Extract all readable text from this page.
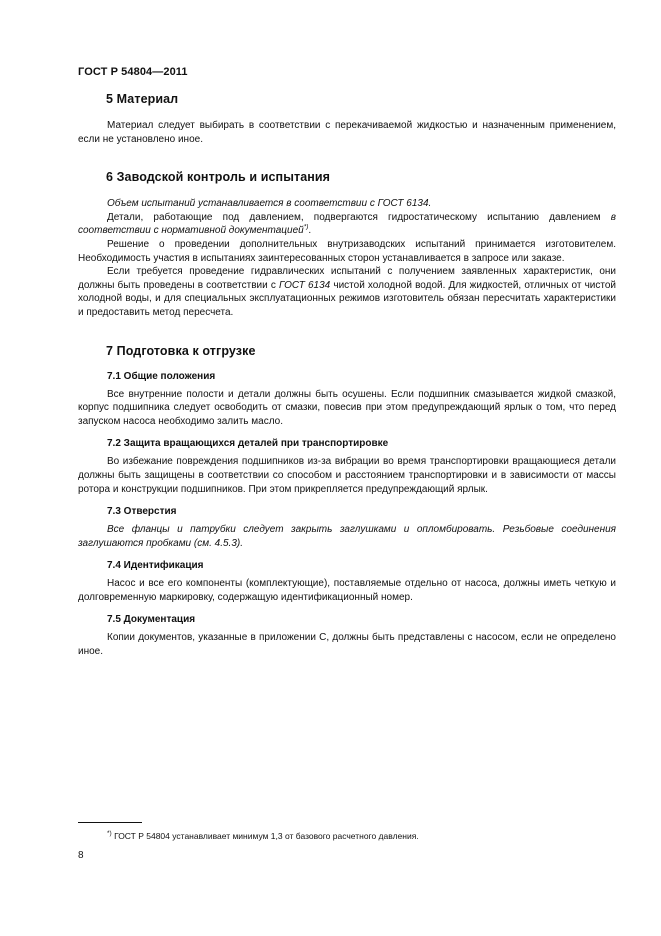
ГОСТ Р 54804—2011
5 Материал

Материал следует выбирать в соответствии с перекачиваемой жидкостью и назначенным применением, если не установлено иное.

6 Заводской контроль и испытания

Объем испытаний устанавливается в соответствии с ГОСТ 6134.

Детали, работающие под давлением, подвергаются гидростатическому испытанию давлением в соответствии с нормативной документацией*).

Решение о проведении дополнительных внутризаводских испытаний принимается изготовителем. Необходимость участия в испытаниях заинтересованных сторон устанавливается в запросе или заказе.

Если требуется проведение гидравлических испытаний с получением заявленных характеристик, они должны быть проведены в соответствии с ГОСТ 6134 чистой холодной водой. Для жидкостей, отличных от чистой холодной воды, и для специальных эксплуатационных режимов изготовитель обязан пересчитать характеристики и предоставить метод пересчета.

7 Подготовка к отгрузке
7.1 Общие положения

Все внутренние полости и детали должны быть осушены. Если подшипник смазывается жидкой смазкой, корпус подшипника следует освободить от смазки, повесив при этом предупреждающий ярлык о том, что перед запуском насоса необходимо залить масло.

7.2 Защита вращающихся деталей при транспортировке

Во избежание повреждения подшипников из-за вибрации во время транспортировки вращающиеся детали должны быть защищены в соответствии со способом и расстоянием транспортировки и в зависимости от массы ротора и конструкции подшипников. При этом прикрепляется предупреждающий ярлык.

7.3 Отверстия

Все фланцы и патрубки следует закрыть заглушками и опломбировать. Резьбовые соединения заглушаются пробками (см. 4.5.3).

7.4 Идентификация

Насос и все его компоненты (комплектующие), поставляемые отдельно от насоса, должны иметь четкую и долговременную маркировку, содержащую идентификационный номер.

7.5 Документация

Копии документов, указанные в приложении С, должны быть представлены с насосом, если не определено иное.

*) ГОСТ Р 54804 устанавливает минимум 1,3 от базового расчетного давления.
8
